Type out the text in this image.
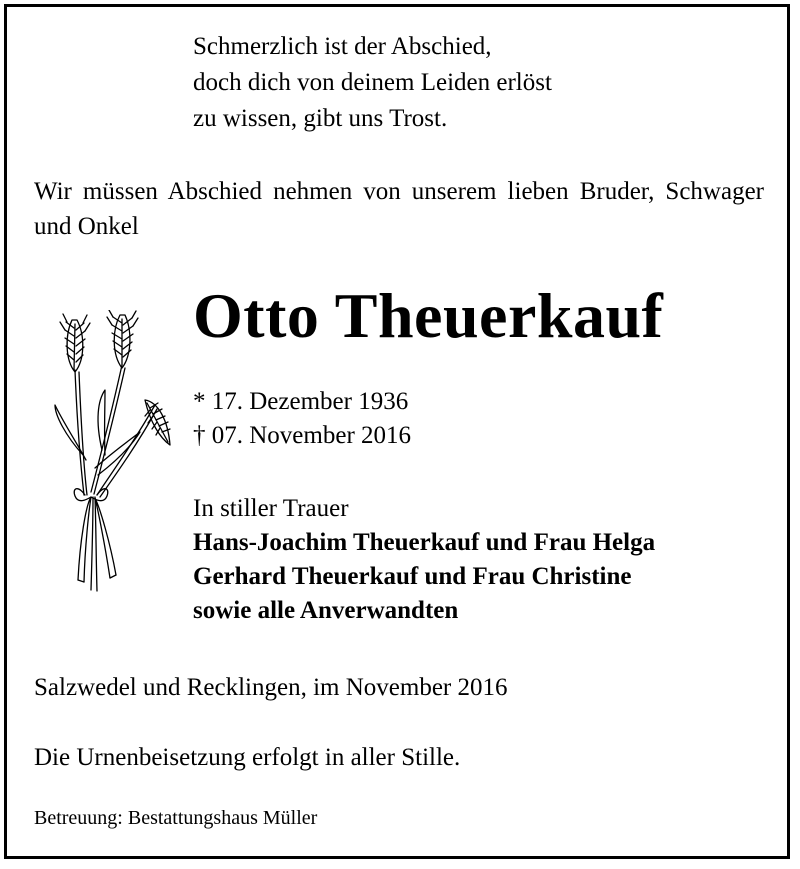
Schmerzlich ist der Abschied,
doch dich von deinem Leiden erlöst
zu wissen, gibt uns Trost.

Wir müssen Abschied nehmen von unserem lieben Bruder, Schwager und Onkel

Otto Theuerkauf

* 17. Dezember 1936
† 07. November 2016

In stiller Trauer
Hans-Joachim Theuerkauf und Frau Helga
Gerhard Theuerkauf und Frau Christine
sowie alle Anverwandten

Salzwedel und Recklingen, im November 2016

Die Urnenbeisetzung erfolgt in aller Stille.

Betreuung: Bestattungshaus Müller
